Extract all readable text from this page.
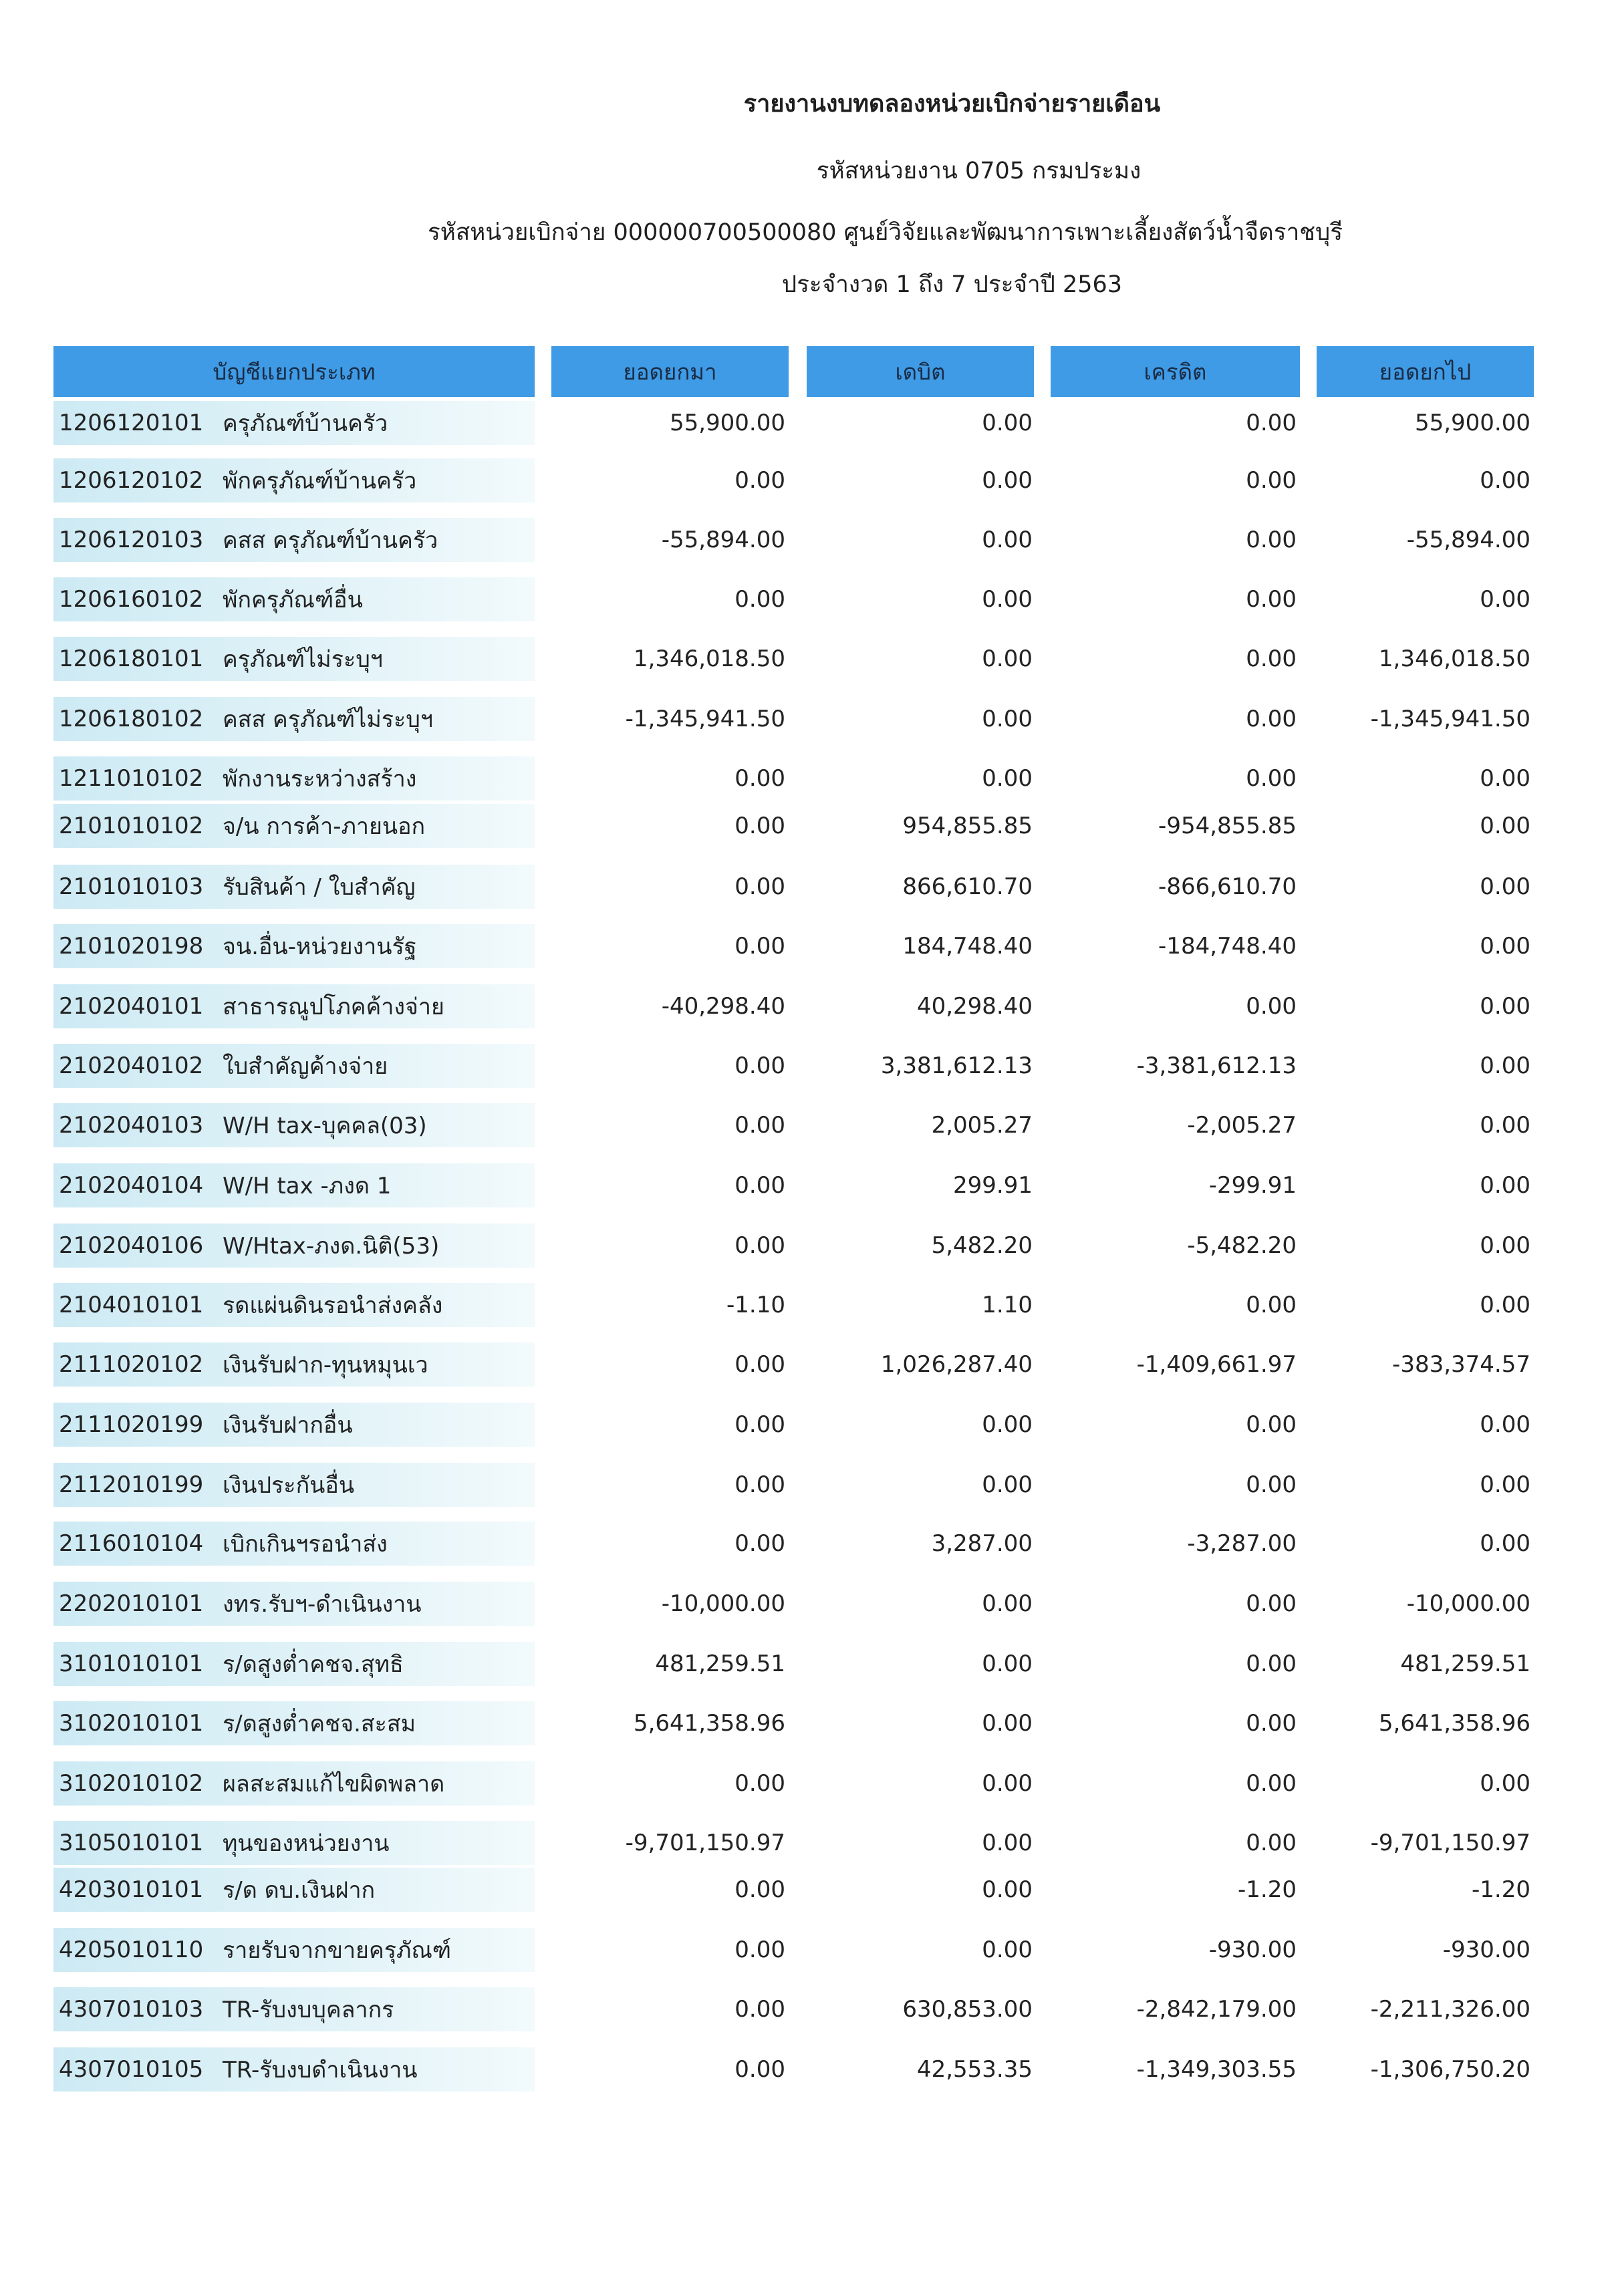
รายงานงบทดลองหน่วยเบิกจ่ายรายเดือน
รหัสหน่วยงาน 0705 กรมประมง
รหัสหน่วยเบิกจ่าย 000000700500080 ศูนย์วิจัยและพัฒนาการเพาะเลี้ยงสัตว์น้ำจืดราชบุรี
ประจำงวด 1 ถึง 7 ประจำปี 2563
บัญชีแยกประเภท	ยอดยกมา	เดบิต	เครดิต	ยอดยกไป
1206120101 ครุภัณฑ์บ้านครัว	55,900.00	0.00	0.00	55,900.00
1206120102 พักครุภัณฑ์บ้านครัว	0.00	0.00	0.00	0.00
1206120103 คสส ครุภัณฑ์บ้านครัว	-55,894.00	0.00	0.00	-55,894.00
1206160102 พักครุภัณฑ์อื่น	0.00	0.00	0.00	0.00
1206180101 ครุภัณฑ์ไม่ระบุฯ	1,346,018.50	0.00	0.00	1,346,018.50
1206180102 คสส ครุภัณฑ์ไม่ระบุฯ	-1,345,941.50	0.00	0.00	-1,345,941.50
1211010102 พักงานระหว่างสร้าง	0.00	0.00	0.00	0.00
2101010102 จ/น การค้า-ภายนอก	0.00	954,855.85	-954,855.85	0.00
2101010103 รับสินค้า / ใบสำคัญ	0.00	866,610.70	-866,610.70	0.00
2101020198 จน.อื่น-หน่วยงานรัฐ	0.00	184,748.40	-184,748.40	0.00
2102040101 สาธารณูปโภคค้างจ่าย	-40,298.40	40,298.40	0.00	0.00
2102040102 ใบสำคัญค้างจ่าย	0.00	3,381,612.13	-3,381,612.13	0.00
2102040103 W/H tax-บุคคล(03)	0.00	2,005.27	-2,005.27	0.00
2102040104 W/H tax -ภงด 1	0.00	299.91	-299.91	0.00
2102040106 W/Htax-ภงด.นิติ(53)	0.00	5,482.20	-5,482.20	0.00
2104010101 รดแผ่นดินรอนำส่งคลัง	-1.10	1.10	0.00	0.00
2111020102 เงินรับฝาก-ทุนหมุนเว	0.00	1,026,287.40	-1,409,661.97	-383,374.57
2111020199 เงินรับฝากอื่น	0.00	0.00	0.00	0.00
2112010199 เงินประกันอื่น	0.00	0.00	0.00	0.00
2116010104 เบิกเกินฯรอนำส่ง	0.00	3,287.00	-3,287.00	0.00
2202010101 งทร.รับฯ-ดำเนินงาน	-10,000.00	0.00	0.00	-10,000.00
3101010101 ร/ดสูงต่ำคชจ.สุทธิ	481,259.51	0.00	0.00	481,259.51
3102010101 ร/ดสูงต่ำคชจ.สะสม	5,641,358.96	0.00	0.00	5,641,358.96
3102010102 ผลสะสมแก้ไขผิดพลาด	0.00	0.00	0.00	0.00
3105010101 ทุนของหน่วยงาน	-9,701,150.97	0.00	0.00	-9,701,150.97
4203010101 ร/ด ดบ.เงินฝาก	0.00	0.00	-1.20	-1.20
4205010110 รายรับจากขายครุภัณฑ์	0.00	0.00	-930.00	-930.00
4307010103 TR-รับงบบุคลากร	0.00	630,853.00	-2,842,179.00	-2,211,326.00
4307010105 TR-รับงบดำเนินงาน	0.00	42,553.35	-1,349,303.55	-1,306,750.20
